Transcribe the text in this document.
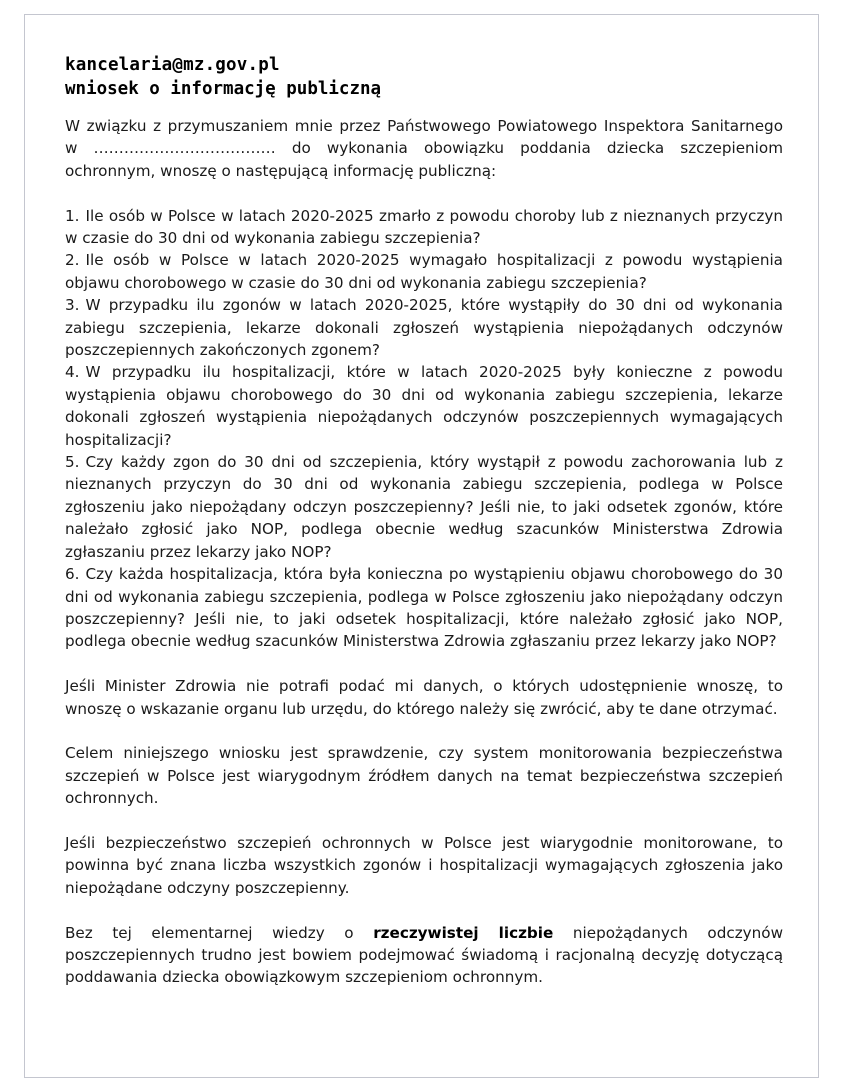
kancelaria@mz.gov.pl
wniosek o informację publiczną

W związku z przymuszaniem mnie przez Państwowego Powiatowego Inspektora Sanitarnego w ……………………………… do wykonania obowiązku poddania dziecka szczepieniom ochronnym, wnoszę o następującą informację publiczną:

1. Ile osób w Polsce w latach 2020-2025 zmarło z powodu choroby lub z nieznanych przyczyn w czasie do 30 dni od wykonania zabiegu szczepienia?
2. Ile osób w Polsce w latach 2020-2025 wymagało hospitalizacji z powodu wystąpienia objawu chorobowego w czasie do 30 dni od wykonania zabiegu szczepienia?
3. W przypadku ilu zgonów w latach 2020-2025, które wystąpiły do 30 dni od wykonania zabiegu szczepienia, lekarze dokonali zgłoszeń wystąpienia niepożądanych odczynów poszczepiennych zakończonych zgonem?
4. W przypadku ilu hospitalizacji, które w latach 2020-2025 były konieczne z powodu wystąpienia objawu chorobowego do 30 dni od wykonania zabiegu szczepienia, lekarze dokonali zgłoszeń wystąpienia niepożądanych odczynów poszczepiennych wymagających hospitalizacji?
5. Czy każdy zgon do 30 dni od szczepienia, który wystąpił z powodu zachorowania lub z nieznanych przyczyn do 30 dni od wykonania zabiegu szczepienia, podlega w Polsce zgłoszeniu jako niepożądany odczyn poszczepienny? Jeśli nie, to jaki odsetek zgonów, które należało zgłosić jako NOP, podlega obecnie według szacunków Ministerstwa Zdrowia zgłaszaniu przez lekarzy jako NOP?
6. Czy każda hospitalizacja, która była konieczna po wystąpieniu objawu chorobowego do 30 dni od wykonania zabiegu szczepienia, podlega w Polsce zgłoszeniu jako niepożądany odczyn poszczepienny? Jeśli nie, to jaki odsetek hospitalizacji, które należało zgłosić jako NOP, podlega obecnie według szacunków Ministerstwa Zdrowia zgłaszaniu przez lekarzy jako NOP?

Jeśli Minister Zdrowia nie potrafi podać mi danych, o których udostępnienie wnoszę, to wnoszę o wskazanie organu lub urzędu, do którego należy się zwrócić, aby te dane otrzymać.

Celem niniejszego wniosku jest sprawdzenie, czy system monitorowania bezpieczeństwa szczepień w Polsce jest wiarygodnym źródłem danych na temat bezpieczeństwa szczepień ochronnych.

Jeśli bezpieczeństwo szczepień ochronnych w Polsce jest wiarygodnie monitorowane, to powinna być znana liczba wszystkich zgonów i hospitalizacji wymagających zgłoszenia jako niepożądane odczyny poszczepienny.

Bez tej elementarnej wiedzy o rzeczywistej liczbie niepożądanych odczynów poszczepiennych trudno jest bowiem podejmować świadomą i racjonalną decyzję dotyczącą poddawania dziecka obowiązkowym szczepieniom ochronnym.
